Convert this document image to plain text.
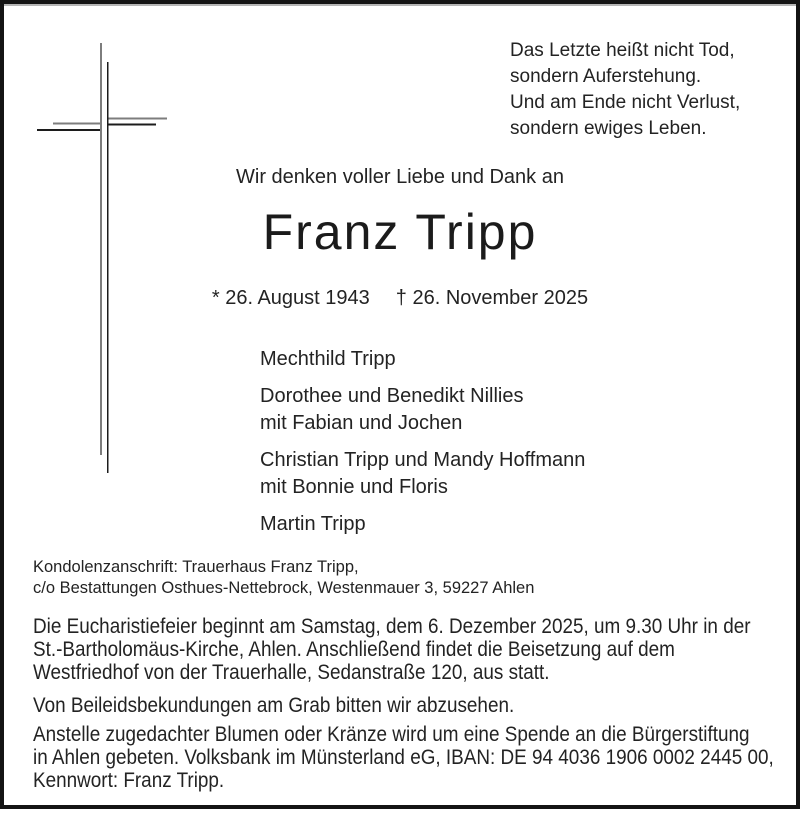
Das Letzte heißt nicht Tod,
sondern Auferstehung.
Und am Ende nicht Verlust,
sondern ewiges Leben.
Wir denken voller Liebe und Dank an
Franz Tripp
* 26. August 1943 † 26. November 2025
Mechthild Tripp
Dorothee und Benedikt Nillies
mit Fabian und Jochen
Christian Tripp und Mandy Hoffmann
mit Bonnie und Floris
Martin Tripp
Kondolenzanschrift: Trauerhaus Franz Tripp,
c/o Bestattungen Osthues-Nettebrock, Westenmauer 3, 59227 Ahlen
Die Eucharistiefeier beginnt am Samstag, dem 6. Dezember 2025, um 9.30 Uhr in der
St.-Bartholomäus-Kirche, Ahlen. Anschließend findet die Beisetzung auf dem
Westfriedhof von der Trauerhalle, Sedanstraße 120, aus statt.
Von Beileidsbekundungen am Grab bitten wir abzusehen.
Anstelle zugedachter Blumen oder Kränze wird um eine Spende an die Bürgerstiftung
in Ahlen gebeten. Volksbank im Münsterland eG, IBAN: DE 94 4036 1906 0002 2445 00,
Kennwort: Franz Tripp.
